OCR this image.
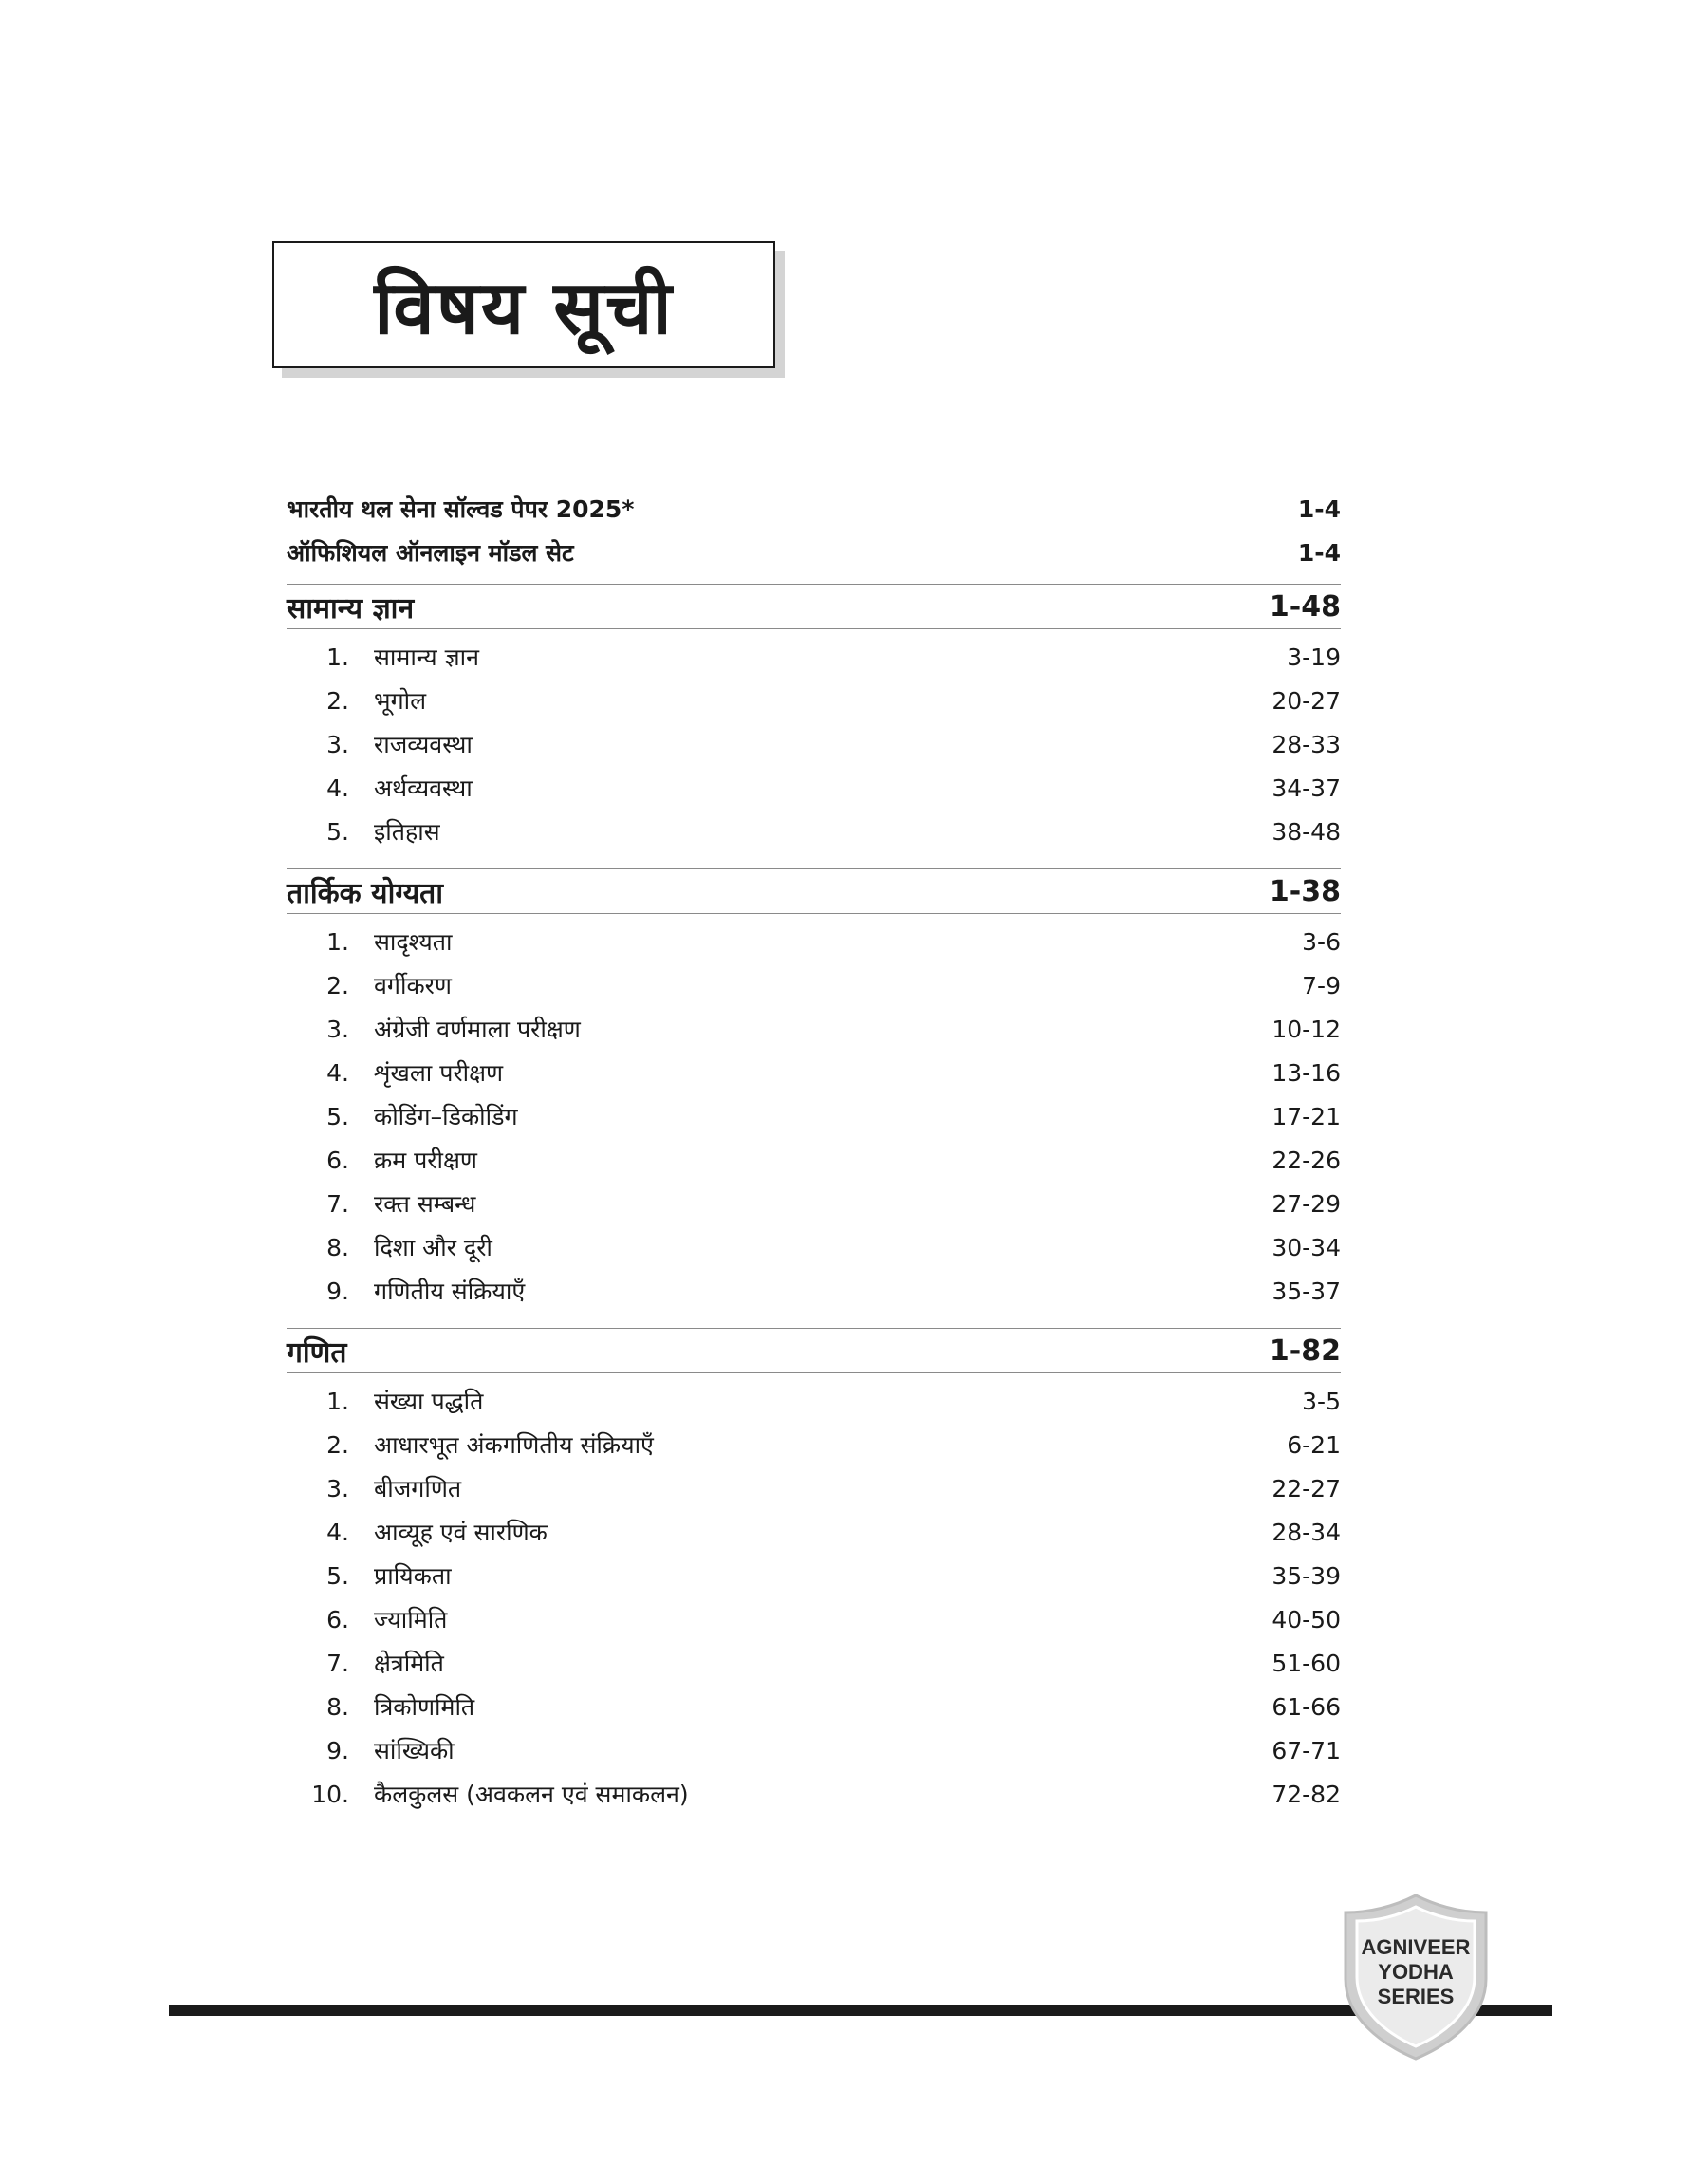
विषय सूची
भारतीय थल सेना सॉल्वड पेपर 2025*	1-4
ऑफिशियल ऑनलाइन मॉडल सेट	1-4
सामान्य ज्ञान	1-48
1. सामान्य ज्ञान	3-19
2. भूगोल	20-27
3. राजव्यवस्था	28-33
4. अर्थव्यवस्था	34-37
5. इतिहास	38-48
तार्किक योग्यता	1-38
1. सादृश्यता	3-6
2. वर्गीकरण	7-9
3. अंग्रेजी वर्णमाला परीक्षण	10-12
4. शृंखला परीक्षण	13-16
5. कोडिंग–डिकोडिंग	17-21
6. क्रम परीक्षण	22-26
7. रक्त सम्बन्ध	27-29
8. दिशा और दूरी	30-34
9. गणितीय संक्रियाएँ	35-37
गणित	1-82
1. संख्या पद्धति	3-5
2. आधारभूत अंकगणितीय संक्रियाएँ	6-21
3. बीजगणित	22-27
4. आव्यूह एवं सारणिक	28-34
5. प्रायिकता	35-39
6. ज्यामिति	40-50
7. क्षेत्रमिति	51-60
8. त्रिकोणमिति	61-66
9. सांख्यिकी	67-71
10. कैलकुलस (अवकलन एवं समाकलन)	72-82
AGNIVEER
YODHA
SERIES
